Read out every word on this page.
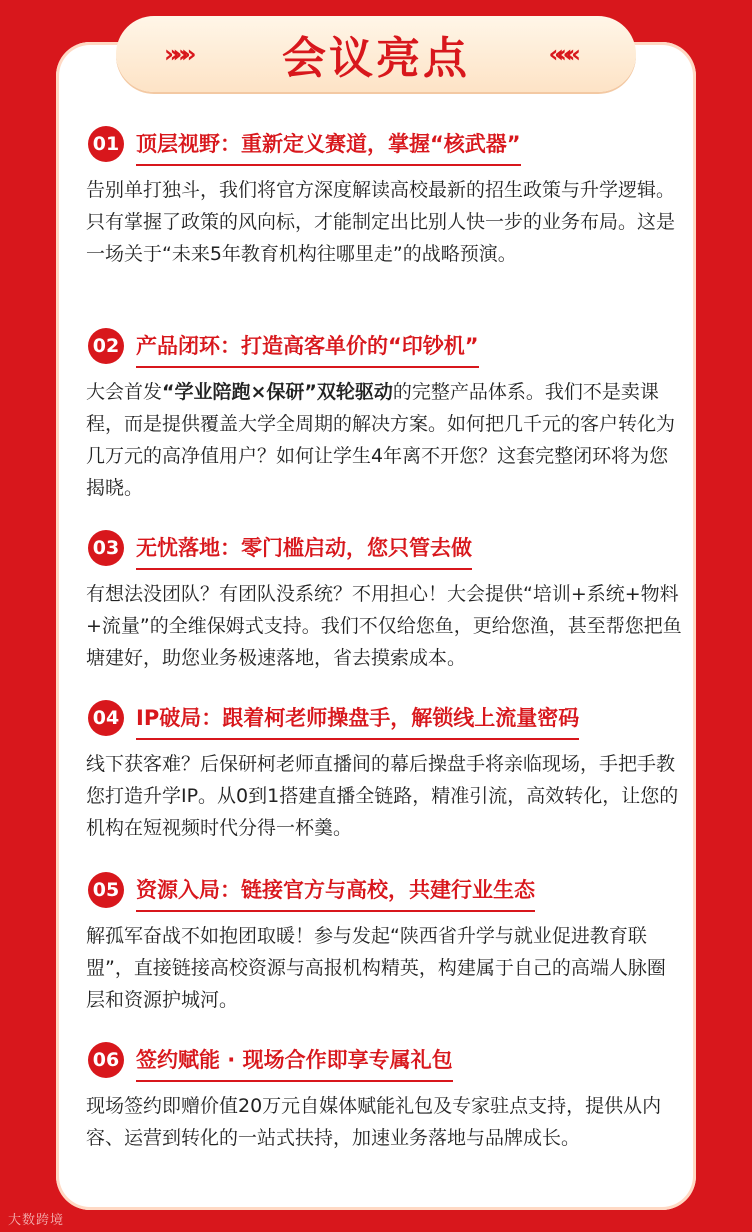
»»» 会议亮点	«««
01 顶层视野：重新定义赛道，掌握“核武器”
告别单打独斗，我们将官方深度解读高校最新的招生政策与升学逻辑。只有掌握了政策的风向标，才能制定出比别人快一步的业务布局。这是一场关于“未来5年教育机构往哪里走”的战略预演。
02 产品闭环：打造高客单价的“印钞机”
大会首发“学业陪跑×保研”双轮驱动的完整产品体系。我们不是卖课程，而是提供覆盖大学全周期的解决方案。如何把几千元的客户转化为几万元的高净值用户？如何让学生4年离不开您？这套完整闭环将为您揭晓。
03 无忧落地：零门槛启动，您只管去做
有想法没团队？有团队没系统？不用担心！大会提供“培训+系统+物料+流量”的全维保姆式支持。我们不仅给您鱼，更给您渔，甚至帮您把鱼塘建好，助您业务极速落地，省去摸索成本。
04 IP破局：跟着柯老师操盘手，解锁线上流量密码
线下获客难？后保研柯老师直播间的幕后操盘手将亲临现场，手把手教您打造升学IP。从0到1搭建直播全链路，精准引流，高效转化，让您的机构在短视频时代分得一杯羹。
05 资源入局：链接官方与高校，共建行业生态
解孤军奋战不如抱团取暖！参与发起“陕西省升学与就业促进教育联盟”，直接链接高校资源与高报机构精英，构建属于自己的高端人脉圈层和资源护城河。
06 签约赋能 · 现场合作即享专属礼包
现场签约即赠价值20万元自媒体赋能礼包及专家驻点支持，提供从内容、运营到转化的一站式扶持，加速业务落地与品牌成长。
大数跨境
